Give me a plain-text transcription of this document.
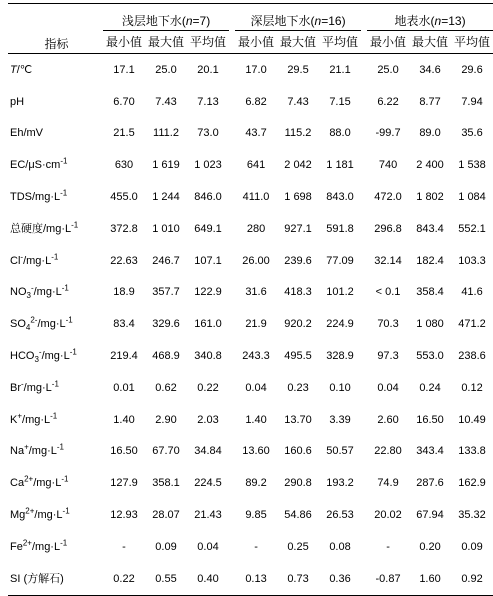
指标	浅层地下水(n=7)				深层地下水(n=16)				地表水(n=13)		
	最小值	最大值	平均值		最小值	最大值	平均值		最小值	最大值	平均值
T/℃	17.1	25.0	20.1		17.0	29.5	21.1		25.0	34.6	29.6
pH	6.70	7.43	7.13		6.82	7.43	7.15		6.22	8.77	7.94
Eh/mV	21.5	111.2	73.0		43.7	115.2	88.0		-99.7	89.0	35.6
$EC/\mu S\cdot cm^{-1}$	630	1 619	1 023		641	2 042	1 181		740	2 400	1 538
TDS/$mg\cdot L^{-1}$	455.0	1 244	846.0		411.0	1 698	843.0		472.0	1 802	1 084
总硬度$/mg\cdot L^{-1}$	372.8	1 010	649.1		280	927.1	591.8		296.8	843.4	552.1
$Cl^-/mg\cdot L^{-1}$	22.63	246.7	107.1		26.00	239.6	77.09		32.14	182.4	103.3
$NO_3^-/mg\cdot L^{-1}$	18.9	357.7	122.9		31.6	418.3	101.2		< 0.1	358.4	41.6
$SO_4^{2-}/mg\cdot L^{-1}$	83.4	329.6	161.0		21.9	920.2	224.9		70.3	1 080	471.2
$HCO_3^-/mg\cdot L^{-1}$	219.4	468.9	340.8		243.3	495.5	328.9		97.3	553.0	238.6
$Br^-/mg\cdot L^{-1}$	0.01	0.62	0.22		0.04	0.23	0.10		0.04	0.24	0.12
$K^+/mg\cdot L^{-1}$	1.40	2.90	2.03		1.40	13.70	3.39		2.60	16.50	10.49
$Na^+/mg\cdot L^{-1}$	16.50	67.70	34.84		13.60	160.6	50.57		22.80	343.4	133.8
$Ca^{2+}/mg\cdot L^{-1}$	127.9	358.1	224.5		89.2	290.8	193.2		74.9	287.6	162.9
$Mg^{2+}/mg\cdot L^{-1}$	12.93	28.07	21.43		9.85	54.86	26.53		20.02	67.94	35.32
$Fe^{2+}/mg\cdot L^{-1}$	-	0.09	0.04		-	0.25	0.08		-	0.20	0.09
SI (方解石)	0.22	0.55	0.40		0.13	0.73	0.36		-0.87	1.60	0.92
